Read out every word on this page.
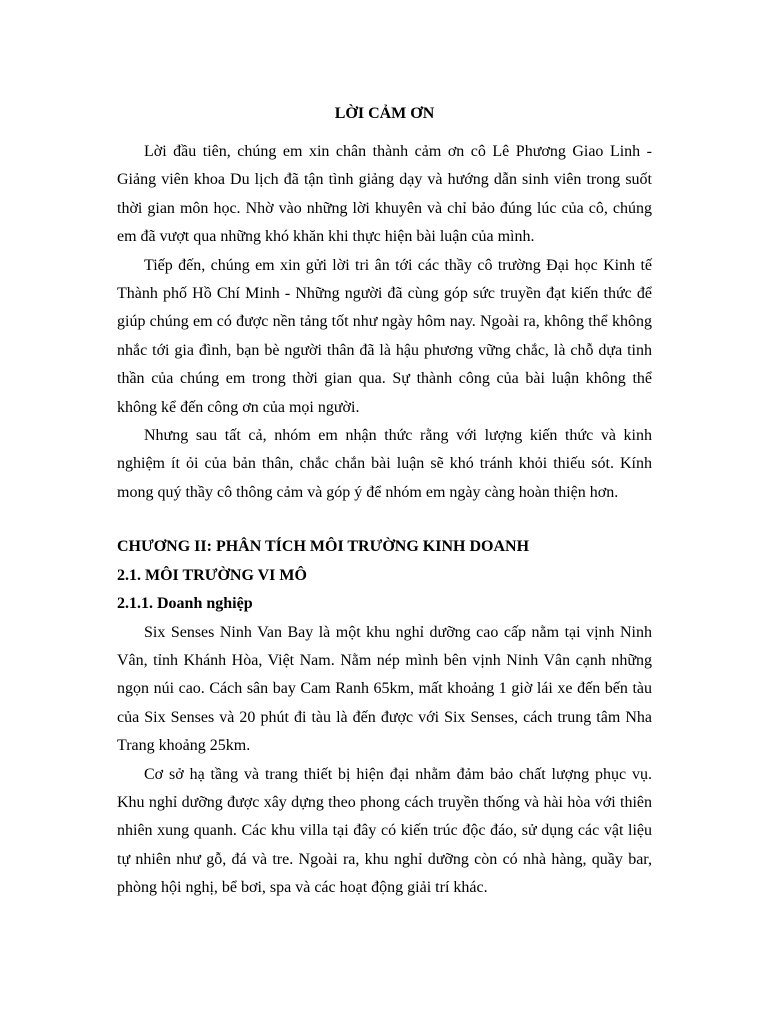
LỜI CẢM ƠN

Lời đầu tiên, chúng em xin chân thành cảm ơn cô Lê Phương Giao Linh - Giảng viên khoa Du lịch đã tận tình giảng dạy và hướng dẫn sinh viên trong suốt thời gian môn học. Nhờ vào những lời khuyên và chỉ bảo đúng lúc của cô, chúng em đã vượt qua những khó khăn khi thực hiện bài luận của mình.

Tiếp đến, chúng em xin gửi lời tri ân tới các thầy cô trường Đại học Kinh tế Thành phố Hồ Chí Minh - Những người đã cùng góp sức truyền đạt kiến thức để giúp chúng em có được nền tảng tốt như ngày hôm nay. Ngoài ra, không thể không nhắc tới gia đình, bạn bè người thân đã là hậu phương vững chắc, là chỗ dựa tinh thần của chúng em trong thời gian qua. Sự thành công của bài luận không thể không kể đến công ơn của mọi người.

Nhưng sau tất cả, nhóm em nhận thức rằng với lượng kiến thức và kinh nghiệm ít ỏi của bản thân, chắc chắn bài luận sẽ khó tránh khỏi thiếu sót. Kính mong quý thầy cô thông cảm và góp ý để nhóm em ngày càng hoàn thiện hơn.

CHƯƠNG II: PHÂN TÍCH MÔI TRƯỜNG KINH DOANH
2.1. MÔI TRƯỜNG VI MÔ
2.1.1. Doanh nghiệp

Six Senses Ninh Van Bay là một khu nghỉ dưỡng cao cấp nằm tại vịnh Ninh Vân, tỉnh Khánh Hòa, Việt Nam. Nằm nép mình bên vịnh Ninh Vân cạnh những ngọn núi cao. Cách sân bay Cam Ranh 65km, mất khoảng 1 giờ lái xe đến bến tàu của Six Senses và 20 phút đi tàu là đến được với Six Senses, cách trung tâm Nha Trang khoảng 25km.

Cơ sở hạ tầng và trang thiết bị hiện đại nhằm đảm bảo chất lượng phục vụ. Khu nghỉ dưỡng được xây dựng theo phong cách truyền thống và hài hòa với thiên nhiên xung quanh. Các khu villa tại đây có kiến trúc độc đáo, sử dụng các vật liệu tự nhiên như gỗ, đá và tre. Ngoài ra, khu nghỉ dưỡng còn có nhà hàng, quầy bar, phòng hội nghị, bể bơi, spa và các hoạt động giải trí khác.
